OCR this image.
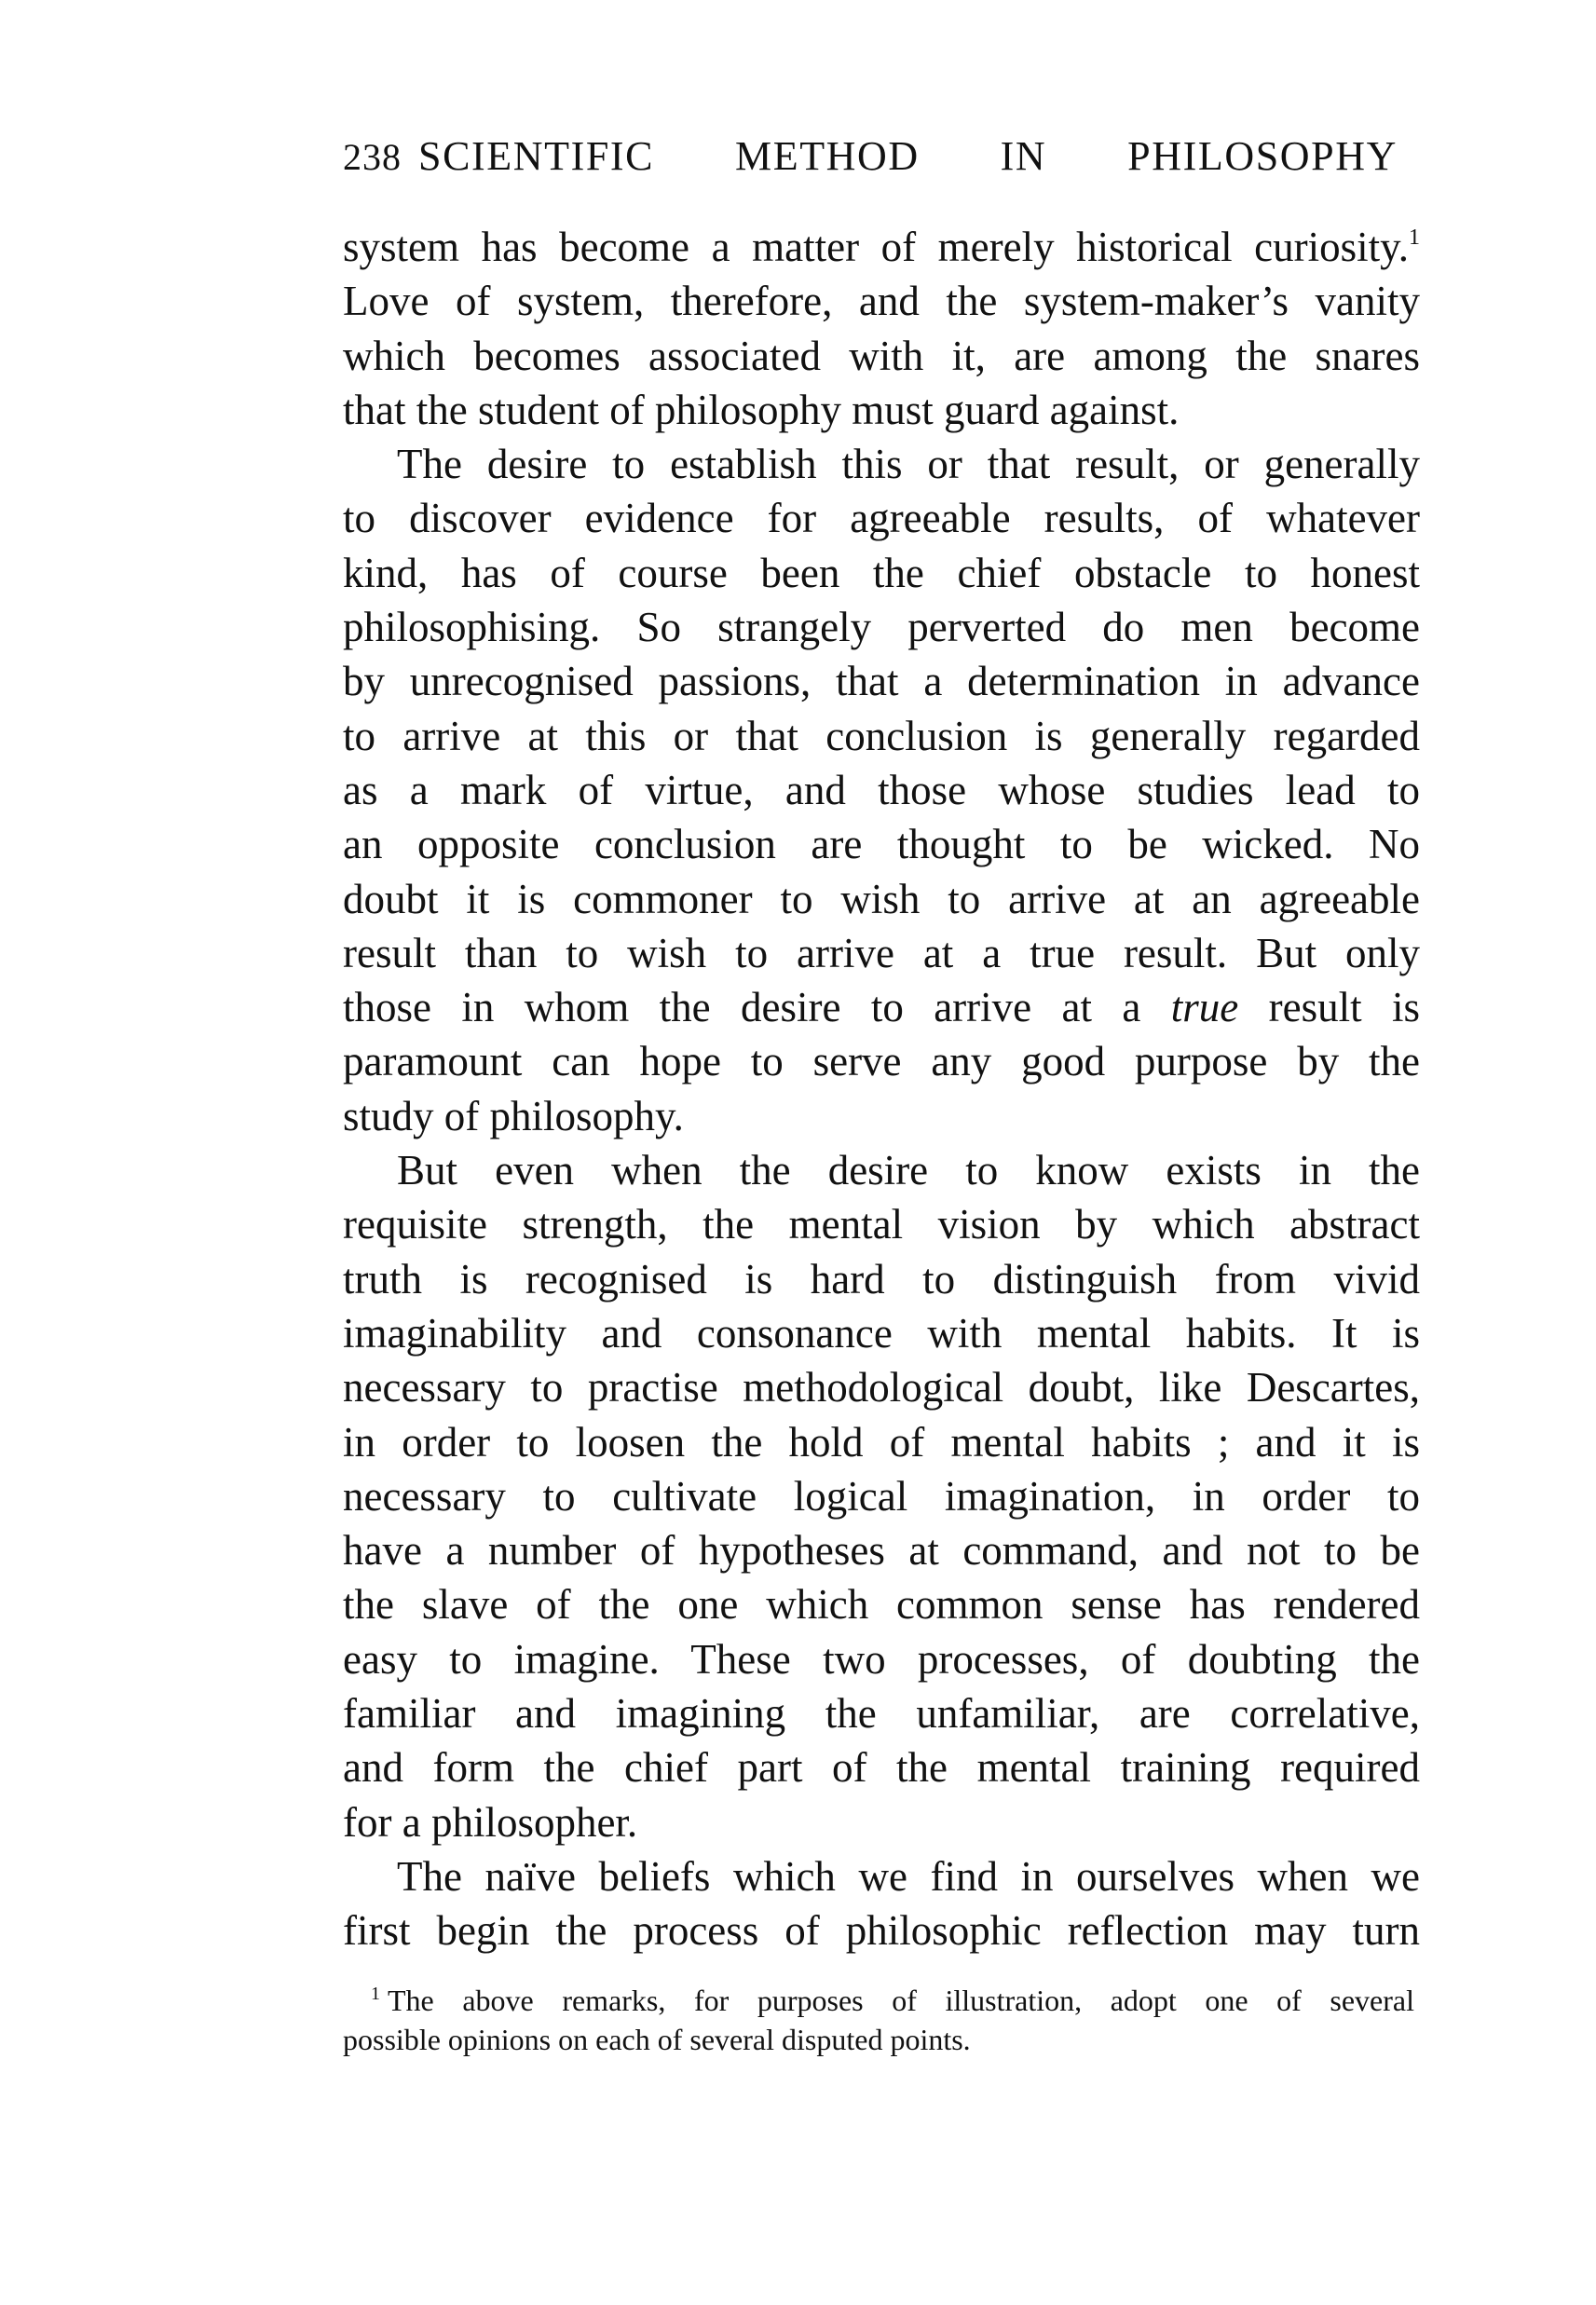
238 SCIENTIFIC METHOD IN PHILOSOPHY
system has become a matter of merely historical curiosity.$^1$
Love of system, therefore, and the system-maker’s vanity
which becomes associated with it, are among the snares
that the student of philosophy must guard against.
The desire to establish this or that result, or generally
to discover evidence for agreeable results, of whatever
kind, has of course been the chief obstacle to honest
philosophising. So strangely perverted do men become
by unrecognised passions, that a determination in advance
to arrive at this or that conclusion is generally regarded
as a mark of virtue, and those whose studies lead to
an opposite conclusion are thought to be wicked. No
doubt it is commoner to wish to arrive at an agreeable
result than to wish to arrive at a true result. But only
those in whom the desire to arrive at a true result is
paramount can hope to serve any good purpose by the
study of philosophy.
But even when the desire to know exists in the
requisite strength, the mental vision by which abstract
truth is recognised is hard to distinguish from vivid
imaginability and consonance with mental habits. It is
necessary to practise methodological doubt, like Descartes,
in order to loosen the hold of mental habits ; and it is
necessary to cultivate logical imagination, in order to
have a number of hypotheses at command, and not to be
the slave of the one which common sense has rendered
easy to imagine. These two processes, of doubting the
familiar and imagining the unfamiliar, are correlative,
and form the chief part of the mental training required
for a philosopher.
The naïve beliefs which we find in ourselves when we
first begin the process of philosophic reflection may turn
$^1$ The above remarks, for purposes of illustration, adopt one of several
possible opinions on each of several disputed points.
